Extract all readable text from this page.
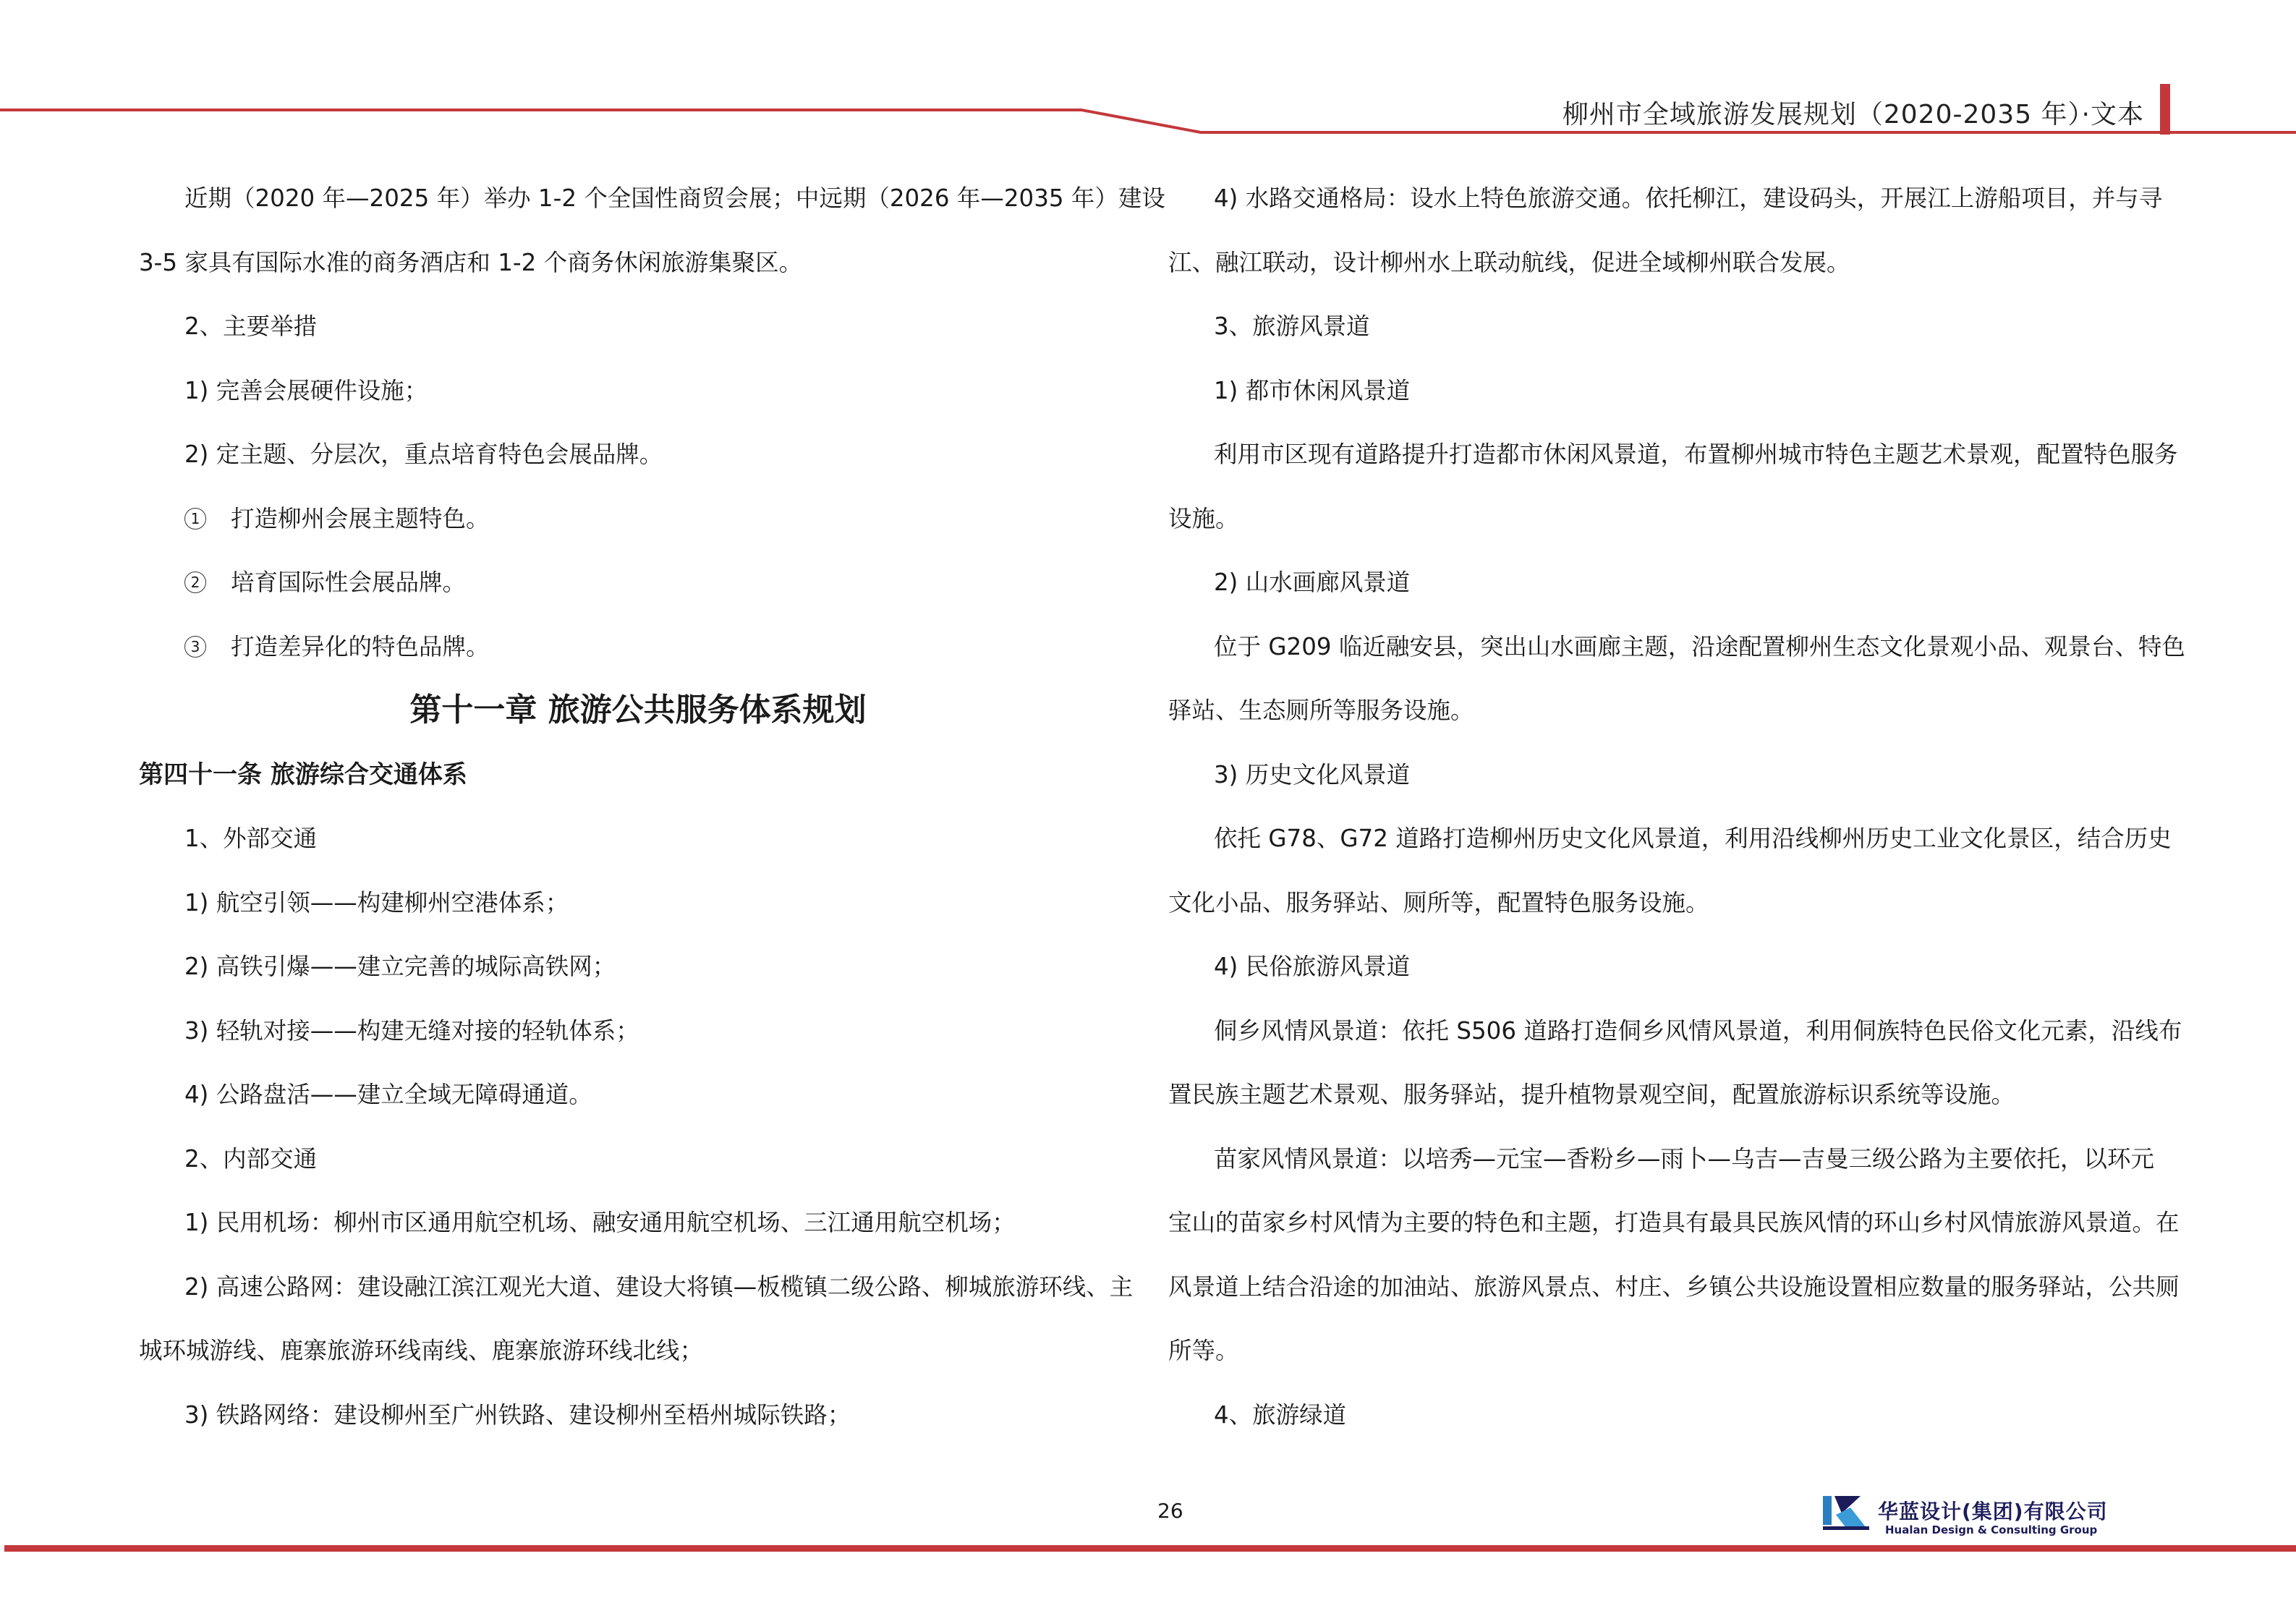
柳州市全域旅游发展规划（2020-2035 年）·文本
近期（2020 年—2025 年）举办 1-2 个全国性商贸会展；中远期（2026 年—2035 年）建设
3-5 家具有国际水准的商务酒店和 1-2 个商务休闲旅游集聚区。
2、主要举措
1) 完善会展硬件设施；
2) 定主题、分层次，重点培育特色会展品牌。
1 打造柳州会展主题特色。
2 培育国际性会展品牌。
3 打造差异化的特色品牌。
第十一章 旅游公共服务体系规划
第四十一条 旅游综合交通体系
1、外部交通
1) 航空引领——构建柳州空港体系；
2) 高铁引爆——建立完善的城际高铁网；
3) 轻轨对接——构建无缝对接的轻轨体系；
4) 公路盘活——建立全域无障碍通道。
2、内部交通
1) 民用机场：柳州市区通用航空机场、融安通用航空机场、三江通用航空机场；
2) 高速公路网：建设融江滨江观光大道、建设大将镇—板榄镇二级公路、柳城旅游环线、主
城环城游线、鹿寨旅游环线南线、鹿寨旅游环线北线；
3) 铁路网络：建设柳州至广州铁路、建设柳州至梧州城际铁路；
4) 水路交通格局：设水上特色旅游交通。依托柳江，建设码头，开展江上游船项目，并与寻
江、融江联动，设计柳州水上联动航线，促进全域柳州联合发展。
3、旅游风景道
1) 都市休闲风景道
利用市区现有道路提升打造都市休闲风景道，布置柳州城市特色主题艺术景观，配置特色服务
设施。
2) 山水画廊风景道
位于 G209 临近融安县，突出山水画廊主题，沿途配置柳州生态文化景观小品、观景台、特色
驿站、生态厕所等服务设施。
3) 历史文化风景道
依托 G78、G72 道路打造柳州历史文化风景道，利用沿线柳州历史工业文化景区，结合历史
文化小品、服务驿站、厕所等，配置特色服务设施。
4) 民俗旅游风景道
侗乡风情风景道：依托 S506 道路打造侗乡风情风景道，利用侗族特色民俗文化元素，沿线布
置民族主题艺术景观、服务驿站，提升植物景观空间，配置旅游标识系统等设施。
苗家风情风景道：以培秀—元宝—香粉乡—雨卜—乌吉—吉曼三级公路为主要依托，以环元
宝山的苗家乡村风情为主要的特色和主题，打造具有最具民族风情的环山乡村风情旅游风景道。在
风景道上结合沿途的加油站、旅游风景点、村庄、乡镇公共设施设置相应数量的服务驿站，公共厕
所等。
4、旅游绿道
26	华蓝设计(集团)有限公司
Hualan Design & Consulting Group
